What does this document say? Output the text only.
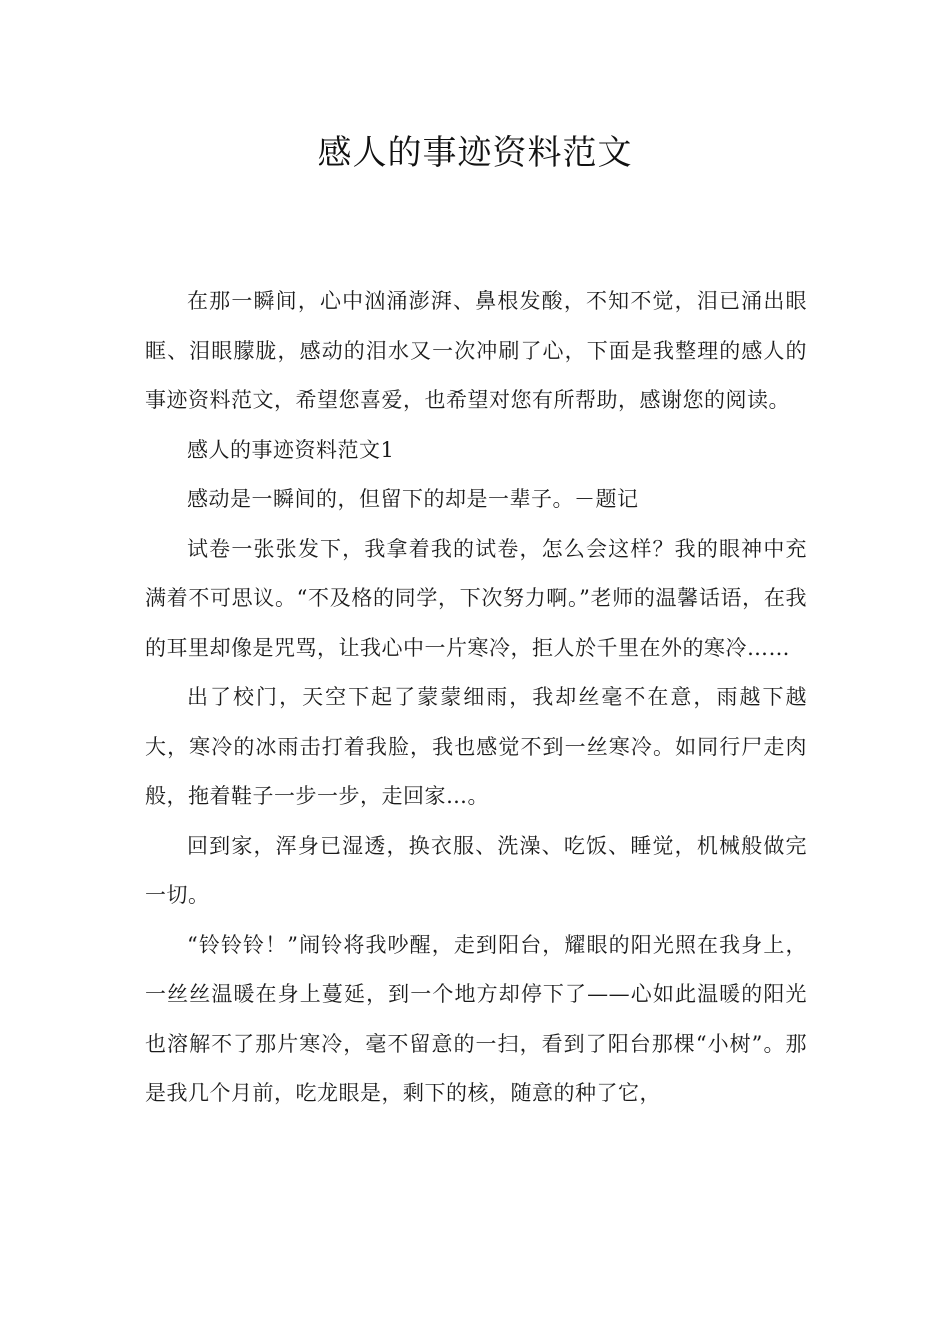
感人的事迹资料范文

在那一瞬间，心中汹涌澎湃、鼻根发酸，不知不觉，泪已涌出眼眶、泪眼朦胧，感动的泪水又一次冲刷了心，下面是我整理的感人的事迹资料范文，希望您喜爱，也希望对您有所帮助，感谢您的阅读。

感人的事迹资料范文1

感动是一瞬间的，但留下的却是一辈子。－题记

试卷一张张发下，我拿着我的试卷，怎么会这样？我的眼神中充满着不可思议。“不及格的同学，下次努力啊。”老师的温馨话语，在我的耳里却像是咒骂，让我心中一片寒冷，拒人於千里在外的寒冷……

出了校门，天空下起了蒙蒙细雨，我却丝毫不在意，雨越下越大，寒冷的冰雨击打着我脸，我也感觉不到一丝寒冷。如同行尸走肉般，拖着鞋子一步一步，走回家…。

回到家，浑身已湿透，换衣服、洗澡、吃饭、睡觉，机械般做完一切。

“铃铃铃！”闹铃将我吵醒，走到阳台，耀眼的阳光照在我身上，一丝丝温暖在身上蔓延，到一个地方却停下了——心如此温暖的阳光也溶解不了那片寒冷，毫不留意的一扫，看到了阳台那棵“小树”。那是我几个月前，吃龙眼是，剩下的核，随意的种了它，
